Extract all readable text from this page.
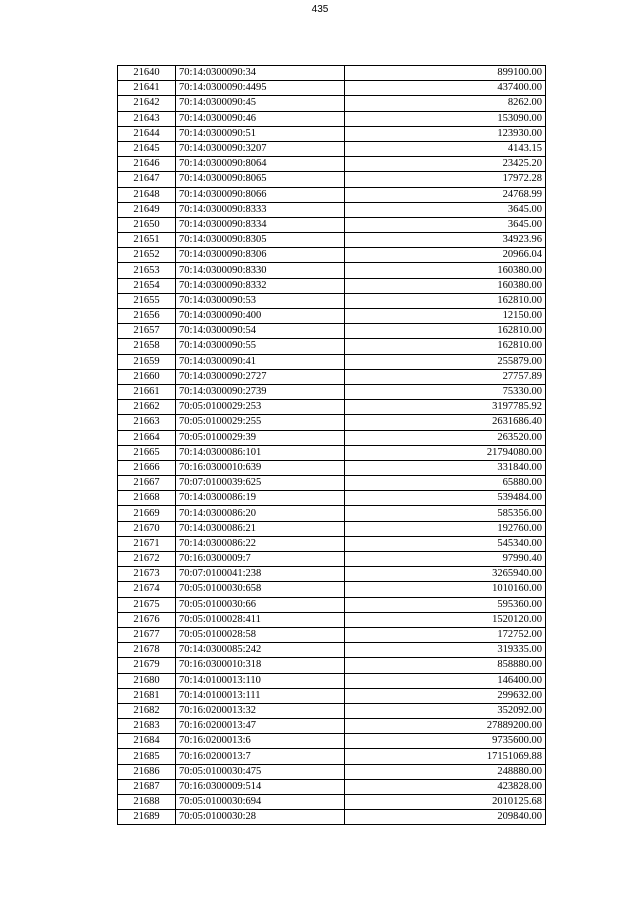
435
21640	70:14:0300090:34	899100.00
21641	70:14:0300090:4495	437400.00
21642	70:14:0300090:45	8262.00
21643	70:14:0300090:46	153090.00
21644	70:14:0300090:51	123930.00
21645	70:14:0300090:3207	4143.15
21646	70:14:0300090:8064	23425.20
21647	70:14:0300090:8065	17972.28
21648	70:14:0300090:8066	24768.99
21649	70:14:0300090:8333	3645.00
21650	70:14:0300090:8334	3645.00
21651	70:14:0300090:8305	34923.96
21652	70:14:0300090:8306	20966.04
21653	70:14:0300090:8330	160380.00
21654	70:14:0300090:8332	160380.00
21655	70:14:0300090:53	162810.00
21656	70:14:0300090:400	12150.00
21657	70:14:0300090:54	162810.00
21658	70:14:0300090:55	162810.00
21659	70:14:0300090:41	255879.00
21660	70:14:0300090:2727	27757.89
21661	70:14:0300090:2739	75330.00
21662	70:05:0100029:253	3197785.92
21663	70:05:0100029:255	2631686.40
21664	70:05:0100029:39	263520.00
21665	70:14:0300086:101	21794080.00
21666	70:16:0300010:639	331840.00
21667	70:07:0100039:625	65880.00
21668	70:14:0300086:19	539484.00
21669	70:14:0300086:20	585356.00
21670	70:14:0300086:21	192760.00
21671	70:14:0300086:22	545340.00
21672	70:16:0300009:7	97990.40
21673	70:07:0100041:238	3265940.00
21674	70:05:0100030:658	1010160.00
21675	70:05:0100030:66	595360.00
21676	70:05:0100028:411	1520120.00
21677	70:05:0100028:58	172752.00
21678	70:14:0300085:242	319335.00
21679	70:16:0300010:318	858880.00
21680	70:14:0100013:110	146400.00
21681	70:14:0100013:111	299632.00
21682	70:16:0200013:32	352092.00
21683	70:16:0200013:47	27889200.00
21684	70:16:0200013:6	9735600.00
21685	70:16:0200013:7	17151069.88
21686	70:05:0100030:475	248880.00
21687	70:16:0300009:514	423828.00
21688	70:05:0100030:694	2010125.68
21689	70:05:0100030:28	209840.00
